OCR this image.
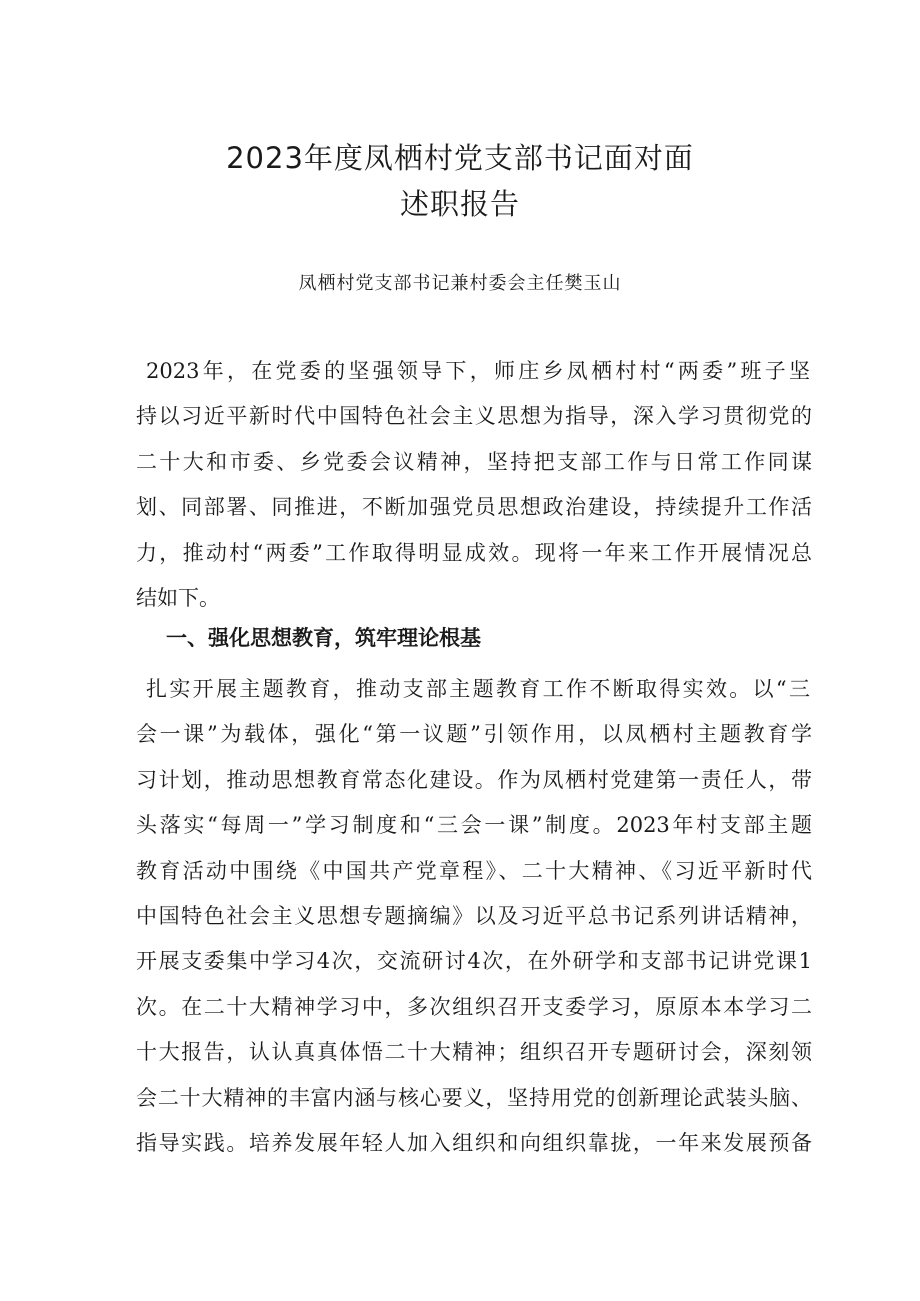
2023年度凤栖村党支部书记面对面
述职报告
凤栖村党支部书记兼村委会主任樊玉山
2023年，在党委的坚强领导下，师庄乡凤栖村村“两委”班子坚
持以习近平新时代中国特色社会主义思想为指导，深入学习贯彻党的
二十大和市委、乡党委会议精神，坚持把支部工作与日常工作同谋
划、同部署、同推进，不断加强党员思想政治建设，持续提升工作活
力，推动村“两委”工作取得明显成效。现将一年来工作开展情况总
结如下。
一、强化思想教育，筑牢理论根基
扎实开展主题教育，推动支部主题教育工作不断取得实效。以“三
会一课”为载体，强化“第一议题”引领作用，以凤栖村主题教育学
习计划，推动思想教育常态化建设。作为凤栖村党建第一责任人，带
头落实“每周一”学习制度和“三会一课”制度。2023年村支部主题
教育活动中围绕《中国共产党章程》、二十大精神、《习近平新时代
中国特色社会主义思想专题摘编》以及习近平总书记系列讲话精神，
开展支委集中学习4次，交流研讨4次，在外研学和支部书记讲党课1
次。在二十大精神学习中，多次组织召开支委学习，原原本本学习二
十大报告，认认真真体悟二十大精神；组织召开专题研讨会，深刻领
会二十大精神的丰富内涵与核心要义，坚持用党的创新理论武装头脑、
指导实践。培养发展年轻人加入组织和向组织靠拢，一年来发展预备
